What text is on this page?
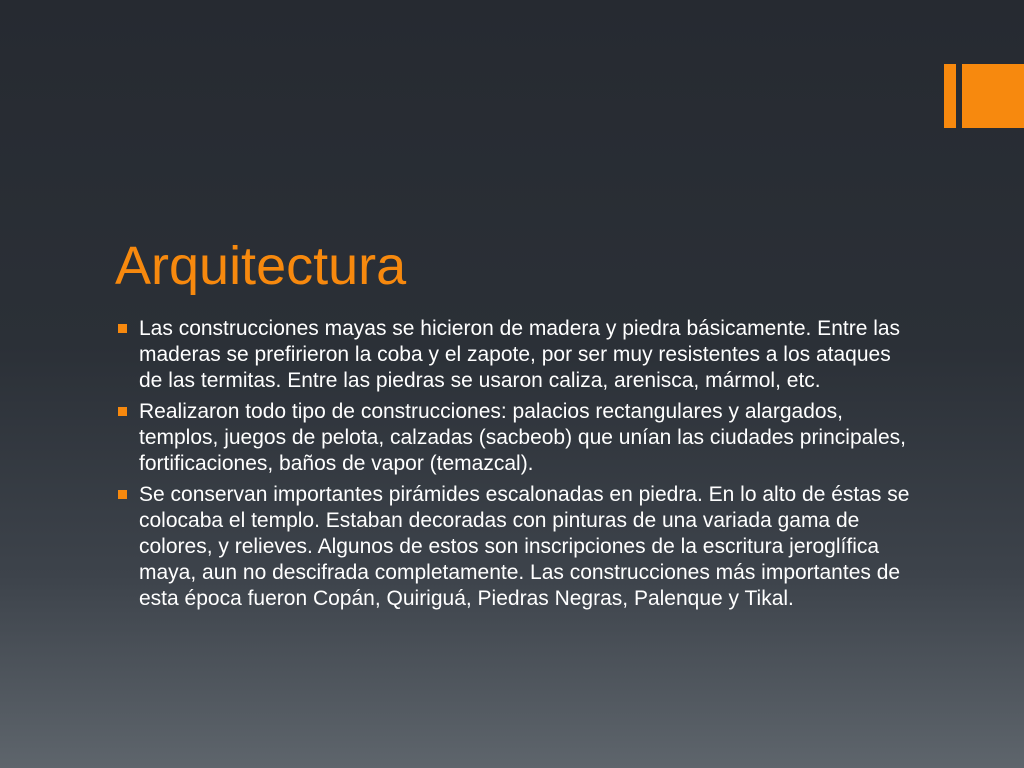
Arquitectura
Las construcciones mayas se hicieron de madera y piedra básicamente. Entre las maderas se prefirieron la coba y el zapote, por ser muy resistentes a los ataques de las termitas. Entre las piedras se usaron caliza, arenisca, mármol, etc.
Realizaron todo tipo de construcciones: palacios rectangulares y alargados, templos, juegos de pelota, calzadas (sacbeob) que unían las ciudades principales, fortificaciones, baños de vapor (temazcal).
Se conservan importantes pirámides escalonadas en piedra. En lo alto de éstas se colocaba el templo. Estaban decoradas con pinturas de una variada gama de colores, y relieves. Algunos de estos son inscripciones de la escritura jeroglífica maya, aun no descifrada completamente. Las construcciones más importantes de esta época fueron Copán, Quiriguá, Piedras Negras, Palenque y Tikal.
